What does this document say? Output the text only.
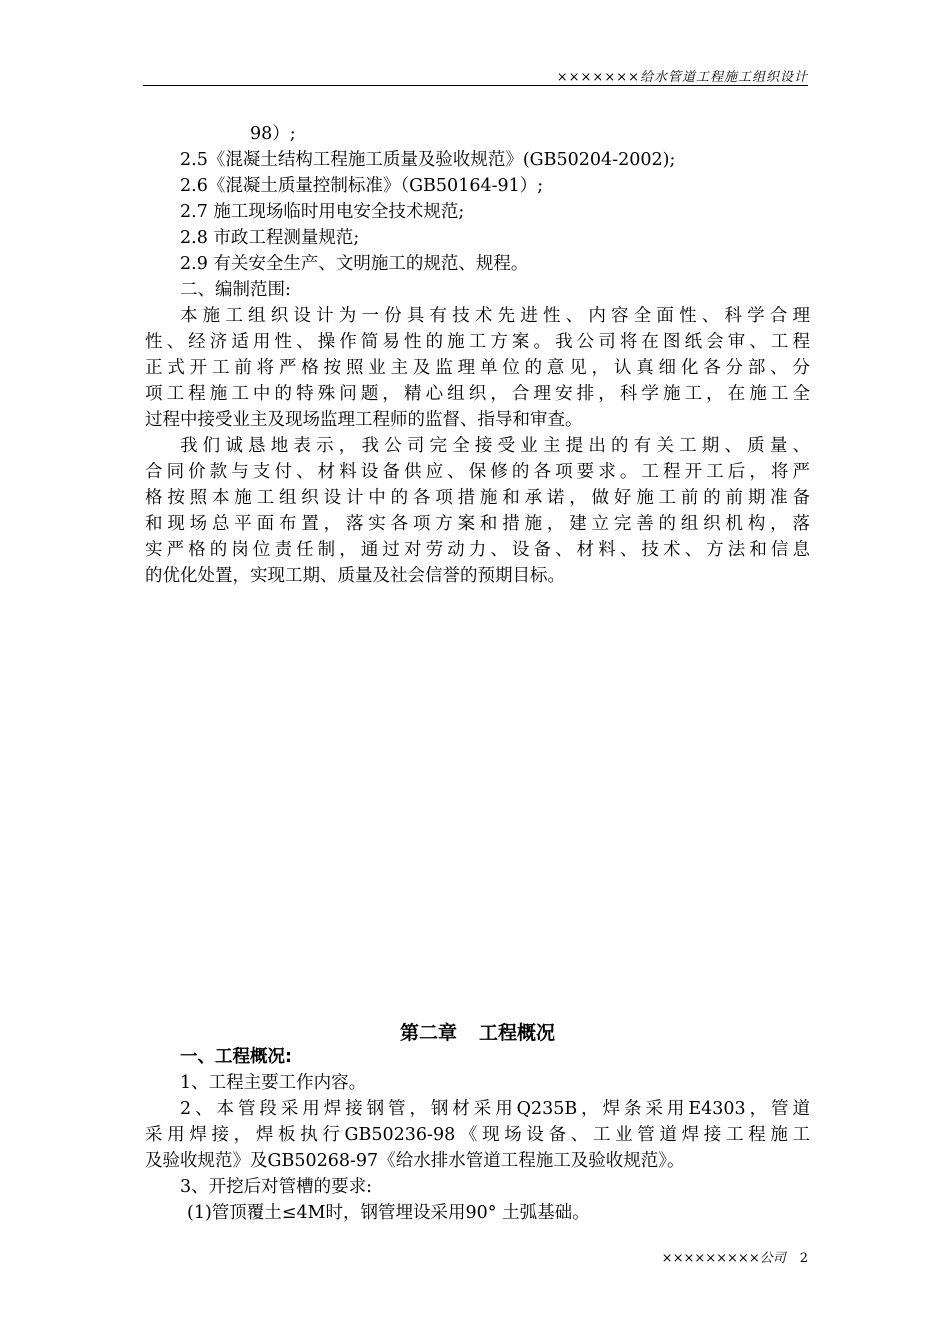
×××××××给水管道工程施工组织设计
98）;
2.5《混凝土结构工程施工质量及验收规范》(GB50204-2002);
2.6《混凝土质量控制标准》（GB50164-91）;
2.7 施工现场临时用电安全技术规范;
2.8 市政工程测量规范;
2.9 有关安全生产、文明施工的规范、规程。
二、编制范围:
本施工组织设计为一份具有技术先进性、内容全面性、科学合理
性、经济适用性、操作简易性的施工方案。我公司将在图纸会审、工程
正式开工前将严格按照业主及监理单位的意见，认真细化各分部、分
项工程施工中的特殊问题，精心组织，合理安排，科学施工，在施工全
过程中接受业主及现场监理工程师的监督、指导和审查。
我们诚恳地表示，我公司完全接受业主提出的有关工期、质量、
合同价款与支付、材料设备供应、保修的各项要求。工程开工后，将严
格按照本施工组织设计中的各项措施和承诺，做好施工前的前期准备
和现场总平面布置，落实各项方案和措施，建立完善的组织机构，落
实严格的岗位责任制，通过对劳动力、设备、材料、技术、方法和信息
的优化处置，实现工期、质量及社会信誉的预期目标。
第二章 工程概况
一、工程概况:
1、工程主要工作内容。
2、本管段采用焊接钢管，钢材采用Q235B，焊条采用E4303，管道
采用焊接，焊板执行GB50236-98《现场设备、工业管道焊接工程施工
及验收规范》及GB50268-97《给水排水管道工程施工及验收规范》。
3、开挖后对管槽的要求:
(1)管顶覆土≤4M时，钢管埋设采用90° 土弧基础。
×××××××××公司 2
